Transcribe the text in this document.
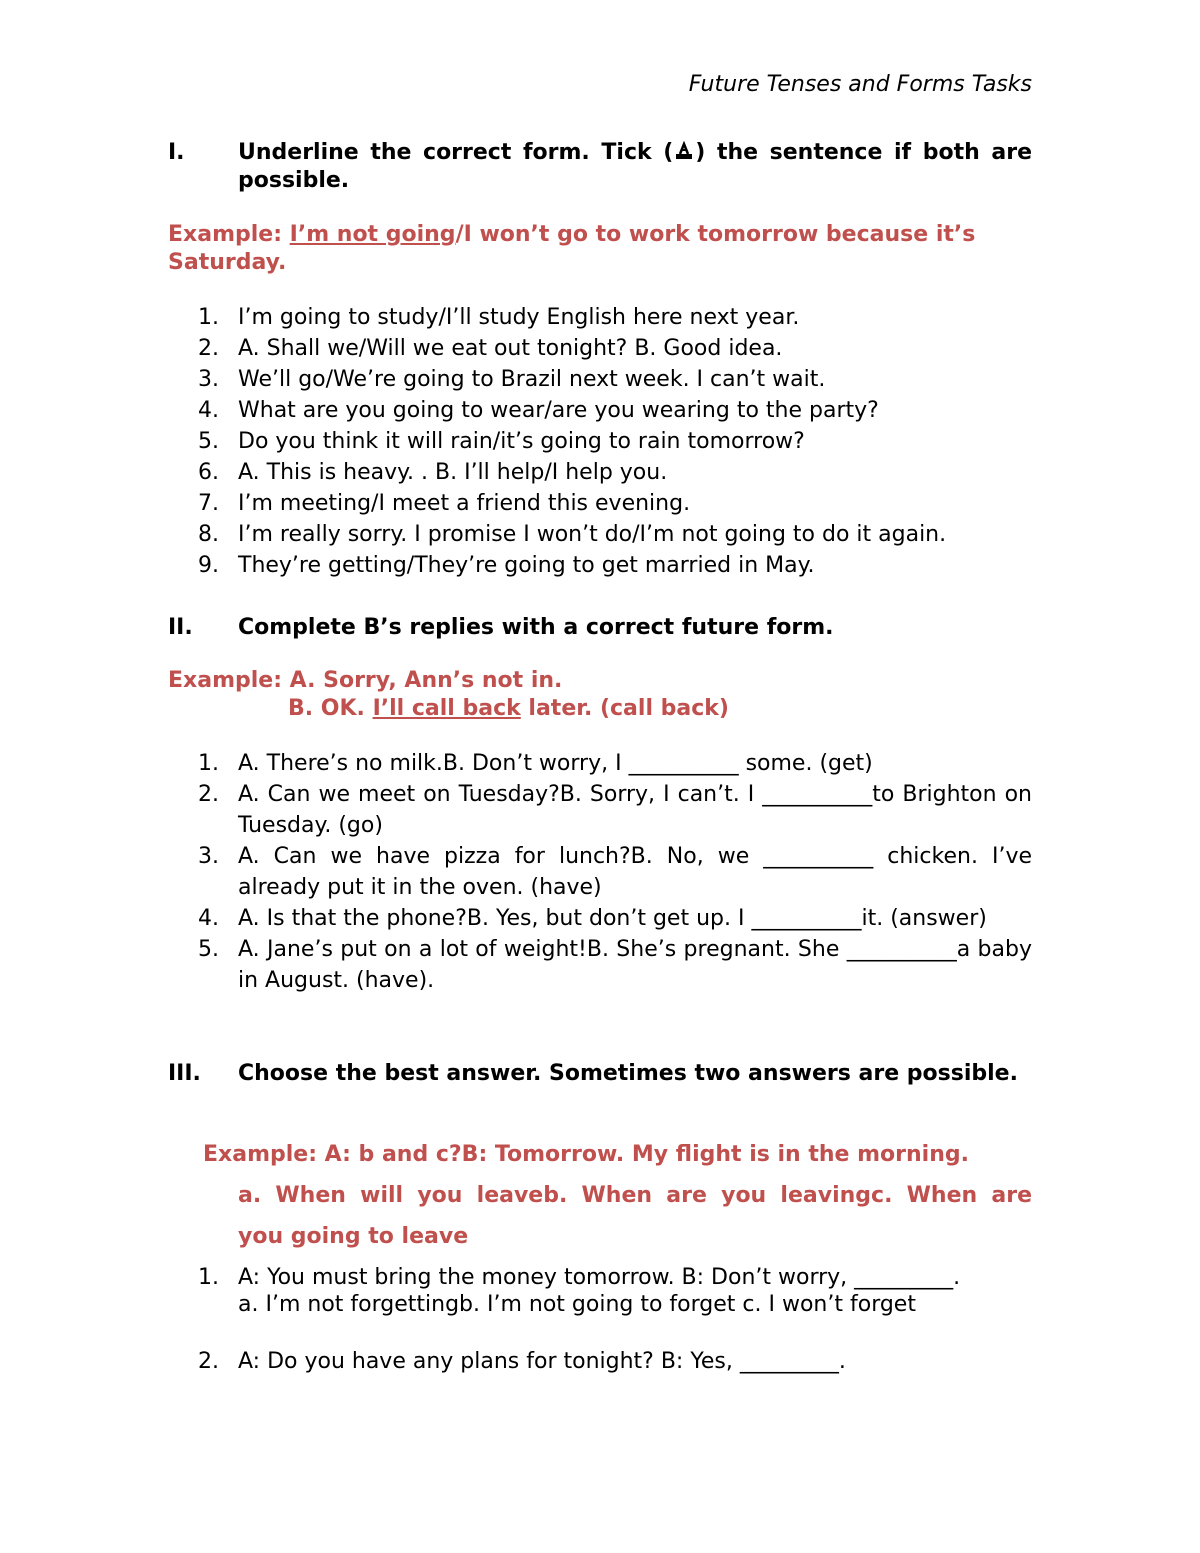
Future Tenses and Forms Tasks
I.	Underline the correct form. Tick ( ) the sentence if both are possible.
Example: I’m not going/I won’t go to work tomorrow because it’s Saturday.
1. I’m going to study/I’ll study English here next year.
2. A. Shall we/Will we eat out tonight? B. Good idea.
3. We’ll go/We’re going to Brazil next week. I can’t wait.
4. What are you going to wear/are you wearing to the party?
5. Do you think it will rain/it’s going to rain tomorrow?
6. A. This is heavy. . B. I’ll help/I help you.
7. I’m meeting/I meet a friend this evening.
8. I’m really sorry. I promise I won’t do/I’m not going to do it again.
9. They’re getting/They’re going to get married in May.
II.	Complete B’s replies with a correct future form.
Example: A. Sorry, Ann’s not in.
B. OK. I’ll call back later. (call back)
1. A. There’s no milk.B. Don’t worry, I __________ some. (get)
2. A. Can we meet on Tuesday?B. Sorry, I can’t. I __________to Brighton on Tuesday. (go)
3. A. Can we have pizza for lunch?B. No, we __________ chicken. I’ve already put it in the oven. (have)
4. A. Is that the phone?B. Yes, but don’t get up. I __________it. (answer)
5. A. Jane’s put on a lot of weight!B. She’s pregnant. She __________a baby in August. (have).
III.	Choose the best answer. Sometimes two answers are possible.
Example: A: b and c?B: Tomorrow. My flight is in the morning.
a. When will you leaveb. When are you leavingc. When are
you going to leave
1. A: You must bring the money tomorrow. B: Don’t worry, _________.
a. I’m not forgettingb. I’m not going to forget c. I won’t forget
2. A: Do you have any plans for tonight? B: Yes, _________.
